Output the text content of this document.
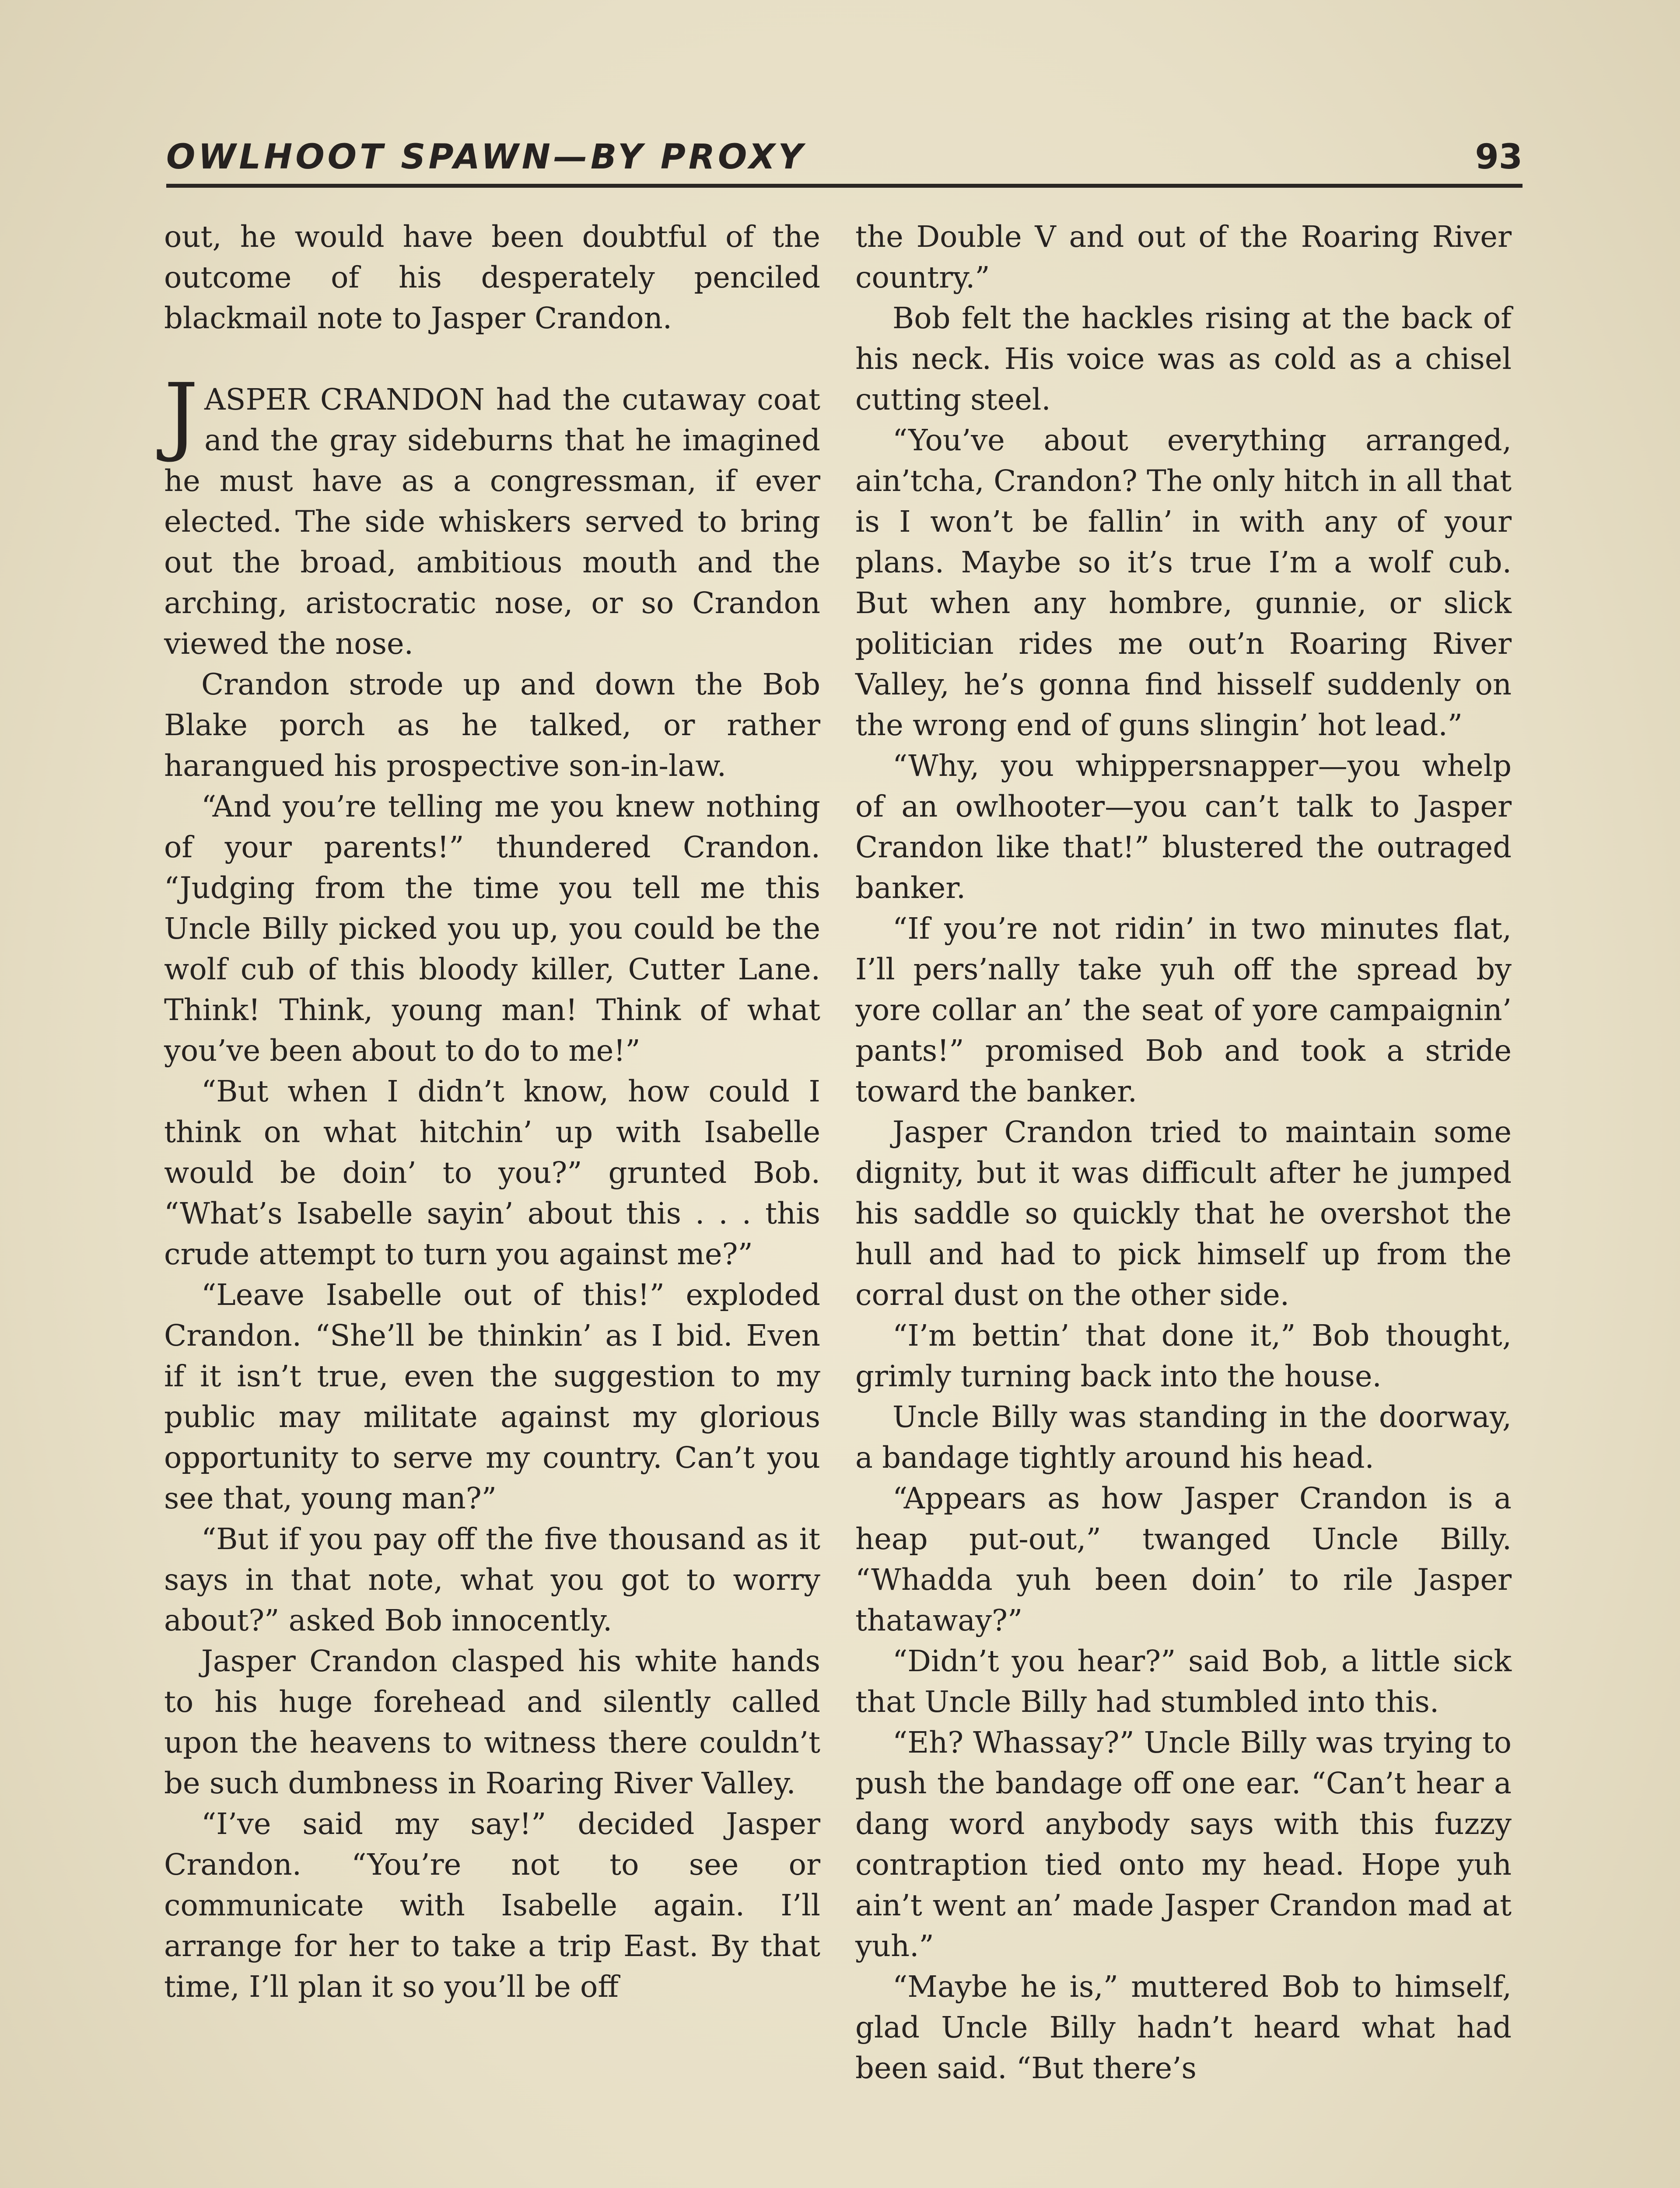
OWLHOOT SPAWN—BY PROXY	93

out, he would have been doubtful of the outcome of his desperately penciled blackmail note to Jasper Crandon.

JASPER CRANDON had the cutaway coat and the gray sideburns that he imagined he must have as a congressman, if ever elected. The side whiskers served to bring out the broad, ambitious mouth and the arching, aristocratic nose, or so Crandon viewed the nose.

Crandon strode up and down the Bob Blake porch as he talked, or rather harangued his prospective son-in-law.

“And you’re telling me you knew nothing of your parents!” thundered Crandon. “Judging from the time you tell me this Uncle Billy picked you up, you could be the wolf cub of this bloody killer, Cutter Lane. Think! Think, young man! Think of what you’ve been about to do to me!”

“But when I didn’t know, how could I think on what hitchin’ up with Isabelle would be doin’ to you?” grunted Bob. “What’s Isabelle sayin’ about this . . . this crude attempt to turn you against me?”

“Leave Isabelle out of this!” exploded Crandon. “She’ll be thinkin’ as I bid. Even if it isn’t true, even the suggestion to my public may militate against my glorious opportunity to serve my country. Can’t you see that, young man?”

“But if you pay off the five thousand as it says in that note, what you got to worry about?” asked Bob innocently.

Jasper Crandon clasped his white hands to his huge forehead and silently called upon the heavens to witness there couldn’t be such dumbness in Roaring River Valley.

“I’ve said my say!” decided Jasper Crandon. “You’re not to see or communicate with Isabelle again. I’ll arrange for her to take a trip East. By that time, I’ll plan it so you’ll be off

the Double V and out of the Roaring River country.”

Bob felt the hackles rising at the back of his neck. His voice was as cold as a chisel cutting steel.

“You’ve about everything arranged, ain’tcha, Crandon? The only hitch in all that is I won’t be fallin’ in with any of your plans. Maybe so it’s true I’m a wolf cub. But when any hombre, gunnie, or slick politician rides me out’n Roaring River Valley, he’s gonna find hisself suddenly on the wrong end of guns slingin’ hot lead.”

“Why, you whippersnapper—you whelp of an owlhooter—you can’t talk to Jasper Crandon like that!” blustered the outraged banker.

“If you’re not ridin’ in two minutes flat, I’ll pers’nally take yuh off the spread by yore collar an’ the seat of yore campaignin’ pants!” promised Bob and took a stride toward the banker.

Jasper Crandon tried to maintain some dignity, but it was difficult after he jumped his saddle so quickly that he overshot the hull and had to pick himself up from the corral dust on the other side.

“I’m bettin’ that done it,” Bob thought, grimly turning back into the house.

Uncle Billy was standing in the doorway, a bandage tightly around his head.

“Appears as how Jasper Crandon is a heap put-out,” twanged Uncle Billy. “Whadda yuh been doin’ to rile Jasper thataway?”

“Didn’t you hear?” said Bob, a little sick that Uncle Billy had stumbled into this.

“Eh? Whassay?” Uncle Billy was trying to push the bandage off one ear. “Can’t hear a dang word anybody says with this fuzzy contraption tied onto my head. Hope yuh ain’t went an’ made Jasper Crandon mad at yuh.”

“Maybe he is,” muttered Bob to himself, glad Uncle Billy hadn’t heard what had been said. “But there’s
